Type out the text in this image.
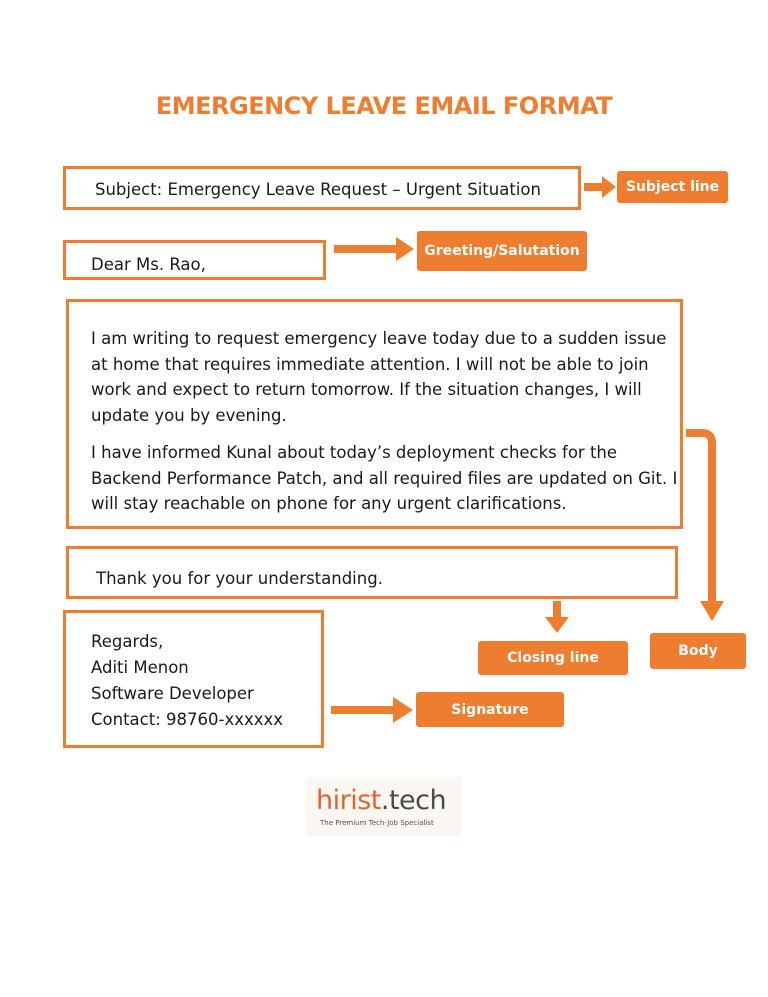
EMERGENCY LEAVE EMAIL FORMAT
Subject: Emergency Leave Request – Urgent Situation
Dear Ms. Rao,
I am writing to request emergency leave today due to a sudden issue at home that requires immediate attention. I will not be able to join work and expect to return tomorrow. If the situation changes, I will update you by evening.
I have informed Kunal about today’s deployment checks for the Backend Performance Patch, and all required files are updated on Git. I will stay reachable on phone for any urgent clarifications.
Thank you for your understanding.
Regards,
Aditi Menon
Software Developer
Contact: 98760-xxxxxx
Subject line
Greeting/Salutation
Closing line	Body
Signature
hirist.tech
The Premium Tech-Job Specialist
